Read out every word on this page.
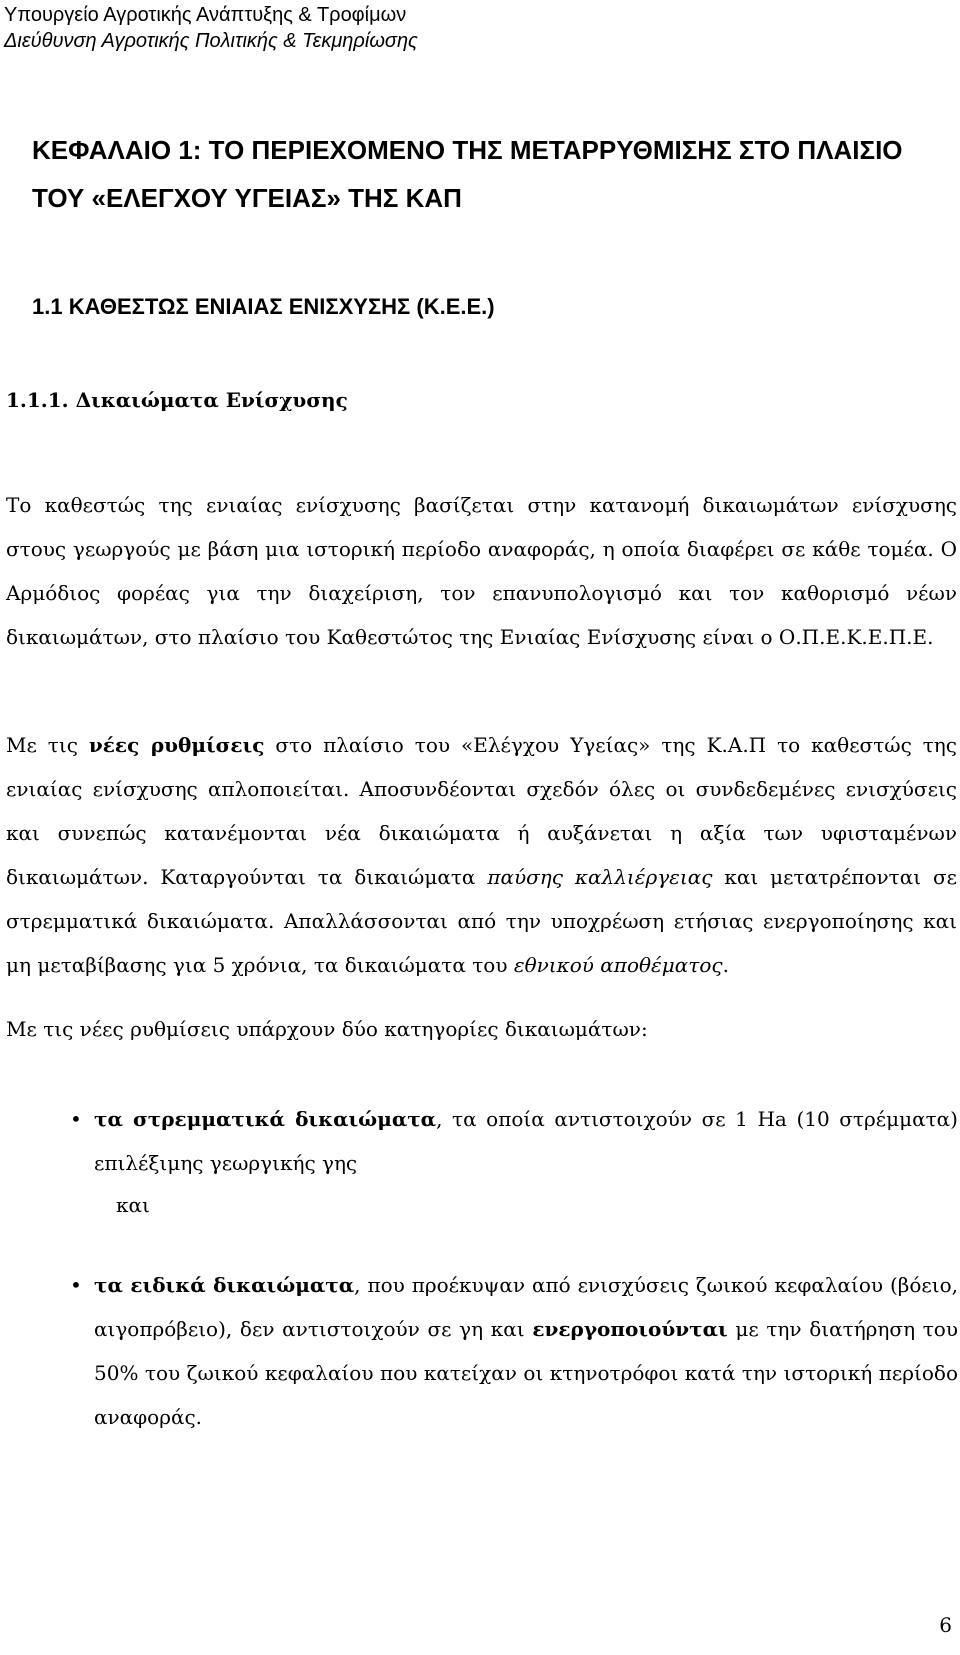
Υπουργείο Αγροτικής Ανάπτυξης & Τροφίμων
Διεύθυνση Αγροτικής Πολιτικής & Τεκμηρίωσης
ΚΕΦΑΛΑΙΟ 1: ΤΟ ΠΕΡΙΕΧΟΜΕΝΟ ΤΗΣ ΜΕΤΑΡΡΥΘΜΙΣΗΣ ΣΤΟ ΠΛΑΙΣΙΟ ΤΟΥ «ΕΛΕΓΧΟΥ ΥΓΕΙΑΣ» ΤΗΣ ΚΑΠ
1.1 ΚΑΘΕΣΤΩΣ ΕΝΙΑΙΑΣ ΕΝΙΣΧΥΣΗΣ (Κ.Ε.Ε.)
1.1.1. Δικαιώματα Ενίσχυσης

Το καθεστώς της ενιαίας ενίσχυσης βασίζεται στην κατανομή δικαιωμάτων ενίσχυσης στους γεωργούς με βάση μια ιστορική περίοδο αναφοράς, η οποία διαφέρει σε κάθε τομέα. Ο Αρμόδιος φορέας για την διαχείριση, τον επανυπολογισμό και τον καθορισμό νέων δικαιωμάτων, στο πλαίσιο του Καθεστώτος της Ενιαίας Ενίσχυσης είναι ο Ο.Π.Ε.Κ.Ε.Π.Ε.

Με τις νέες ρυθμίσεις στο πλαίσιο του «Ελέγχου Υγείας» της Κ.Α.Π το καθεστώς της ενιαίας ενίσχυσης απλοποιείται. Αποσυνδέονται σχεδόν όλες οι συνδεδεμένες ενισχύσεις και συνεπώς κατανέμονται νέα δικαιώματα ή αυξάνεται η αξία των υφισταμένων δικαιωμάτων. Καταργούνται τα δικαιώματα παύσης καλλιέργειας και μετατρέπονται σε στρεμματικά δικαιώματα. Απαλλάσσονται από την υποχρέωση ετήσιας ενεργοποίησης και μη μεταβίβασης για 5 χρόνια, τα δικαιώματα του εθνικού αποθέματος.

Με τις νέες ρυθμίσεις υπάρχουν δύο κατηγορίες δικαιωμάτων:

• τα στρεμματικά δικαιώματα, τα οποία αντιστοιχούν σε 1 Ha (10 στρέμματα) επιλέξιμης γεωργικής γης

και

• τα ειδικά δικαιώματα, που προέκυψαν από ενισχύσεις ζωικού κεφαλαίου (βόειο, αιγοπρόβειο), δεν αντιστοιχούν σε γη και ενεργοποιούνται με την διατήρηση του 50% του ζωικού κεφαλαίου που κατείχαν οι κτηνοτρόφοι κατά την ιστορική περίοδο αναφοράς.
6
